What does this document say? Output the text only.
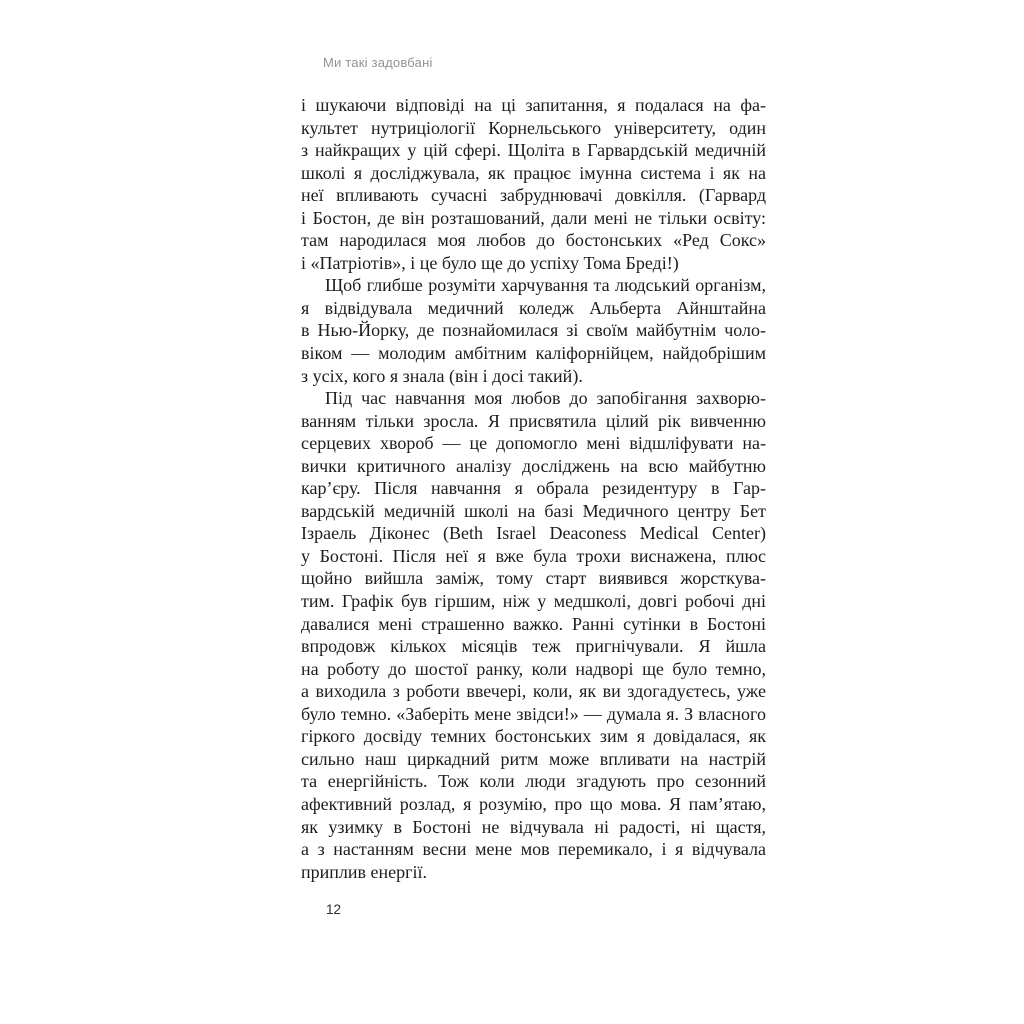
Ми такі задовбані
і шукаючи відповіді на ці запитання, я подалася на фа-
культет нутриціології Корнельського університету, один
з найкращих у цій сфері. Щоліта в Гарвардській медичній
школі я досліджувала, як працює імунна система і як на
неї впливають сучасні забруднювачі довкілля. (Гарвард
і Бостон, де він розташований, дали мені не тільки освіту:
там народилася моя любов до бостонських «Ред Сокс»
і «Патріотів», і це було ще до успіху Тома Бреді!)
Щоб глибше розуміти харчування та людський організм,
я відвідувала медичний коледж Альберта Айнштайна
в Нью-Йорку, де познайомилася зі своїм майбутнім чоло-
віком — молодим амбітним каліфорнійцем, найдобрішим
з усіх, кого я знала (він і досі такий).
Під час навчання моя любов до запобігання захворю-
ванням тільки зросла. Я присвятила цілий рік вивченню
серцевих хвороб — це допомогло мені відшліфувати на-
вички критичного аналізу досліджень на всю майбутню
кар’єру. Після навчання я обрала резидентуру в Гар-
вардській медичній школі на базі Медичного центру Бет
Ізраель Діконес (Beth Israel Deaconess Medical Center)
у Бостоні. Після неї я вже була трохи виснажена, плюс
щойно вийшла заміж, тому старт виявився жорсткува-
тим. Графік був гіршим, ніж у медшколі, довгі робочі дні
давалися мені страшенно важко. Ранні сутінки в Бостоні
впродовж кількох місяців теж пригнічували. Я йшла
на роботу до шостої ранку, коли надворі ще було темно,
а виходила з роботи ввечері, коли, як ви здогадуєтесь, уже
було темно. «Заберіть мене звідси!» — думала я. З власного
гіркого досвіду темних бостонських зим я довідалася, як
сильно наш циркадний ритм може впливати на настрій
та енергійність. Тож коли люди згадують про сезонний
афективний розлад, я розумію, про що мова. Я пам’ятаю,
як узимку в Бостоні не відчувала ні радості, ні щастя,
а з настанням весни мене мов перемикало, і я відчувала
приплив енергії.
12
